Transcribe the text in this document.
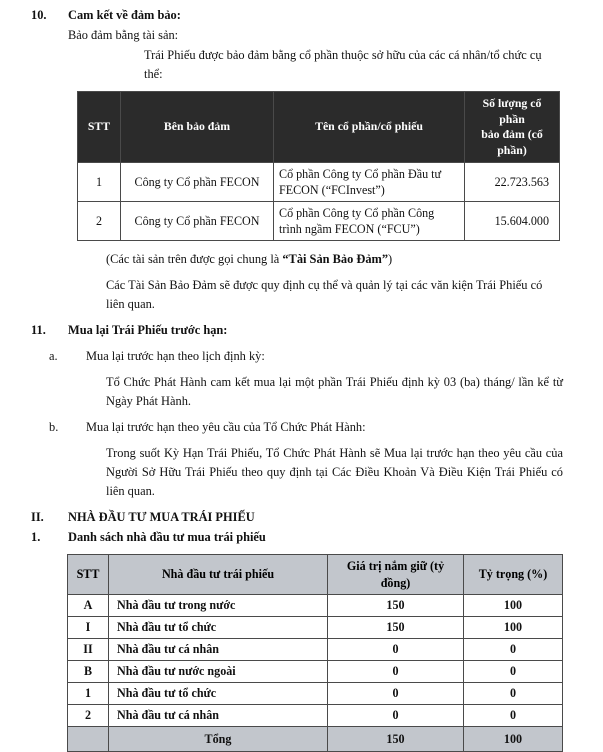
10.	Cam kết về đảm bảo:
Bảo đảm bằng tài sản:
Trái Phiếu được bảo đảm bằng cổ phần thuộc sở hữu của các cá nhân/tổ chức cụ thể:
STT	Bên bảo đảm	Tên cổ phần/cổ phiếu	Số lượng cổ phần
bảo đảm (cổ phần)
1	Công ty Cổ phần FECON	Cổ phần Công ty Cổ phần Đầu tư FECON (“FCInvest”)	22.723.563
2	Công ty Cổ phần FECON	Cổ phần Công ty Cổ phần Công trình ngầm FECON (“FCU”)	15.604.000
(Các tài sản trên được gọi chung là “Tài Sản Bảo Đảm”)
Các Tài Sản Bảo Đảm sẽ được quy định cụ thể và quản lý tại các văn kiện Trái Phiếu có liên quan.
11.	Mua lại Trái Phiếu trước hạn:
a.	Mua lại trước hạn theo lịch định kỳ:
Tổ Chức Phát Hành cam kết mua lại một phần Trái Phiếu định kỳ 03 (ba) tháng/ lần kể từ Ngày Phát Hành.
b.	Mua lại trước hạn theo yêu cầu của Tổ Chức Phát Hành:
Trong suốt Kỳ Hạn Trái Phiếu, Tổ Chức Phát Hành sẽ Mua lại trước hạn theo yêu cầu của Người Sở Hữu Trái Phiếu theo quy định tại Các Điều Khoản Và Điều Kiện Trái Phiếu có liên quan.
II.	NHÀ ĐẦU TƯ MUA TRÁI PHIẾU
1.	Danh sách nhà đầu tư mua trái phiếu
STT	Nhà đầu tư trái phiếu	Giá trị nắm giữ (tỷ đồng)	Tỷ trọng (%)
A	Nhà đầu tư trong nước	150	100
I	Nhà đầu tư tổ chức	150	100
II	Nhà đầu tư cá nhân	0	0
B	Nhà đầu tư nước ngoài	0	0
1	Nhà đầu tư tổ chức	0	0
2	Nhà đầu tư cá nhân	0	0
	Tổng	150	100
